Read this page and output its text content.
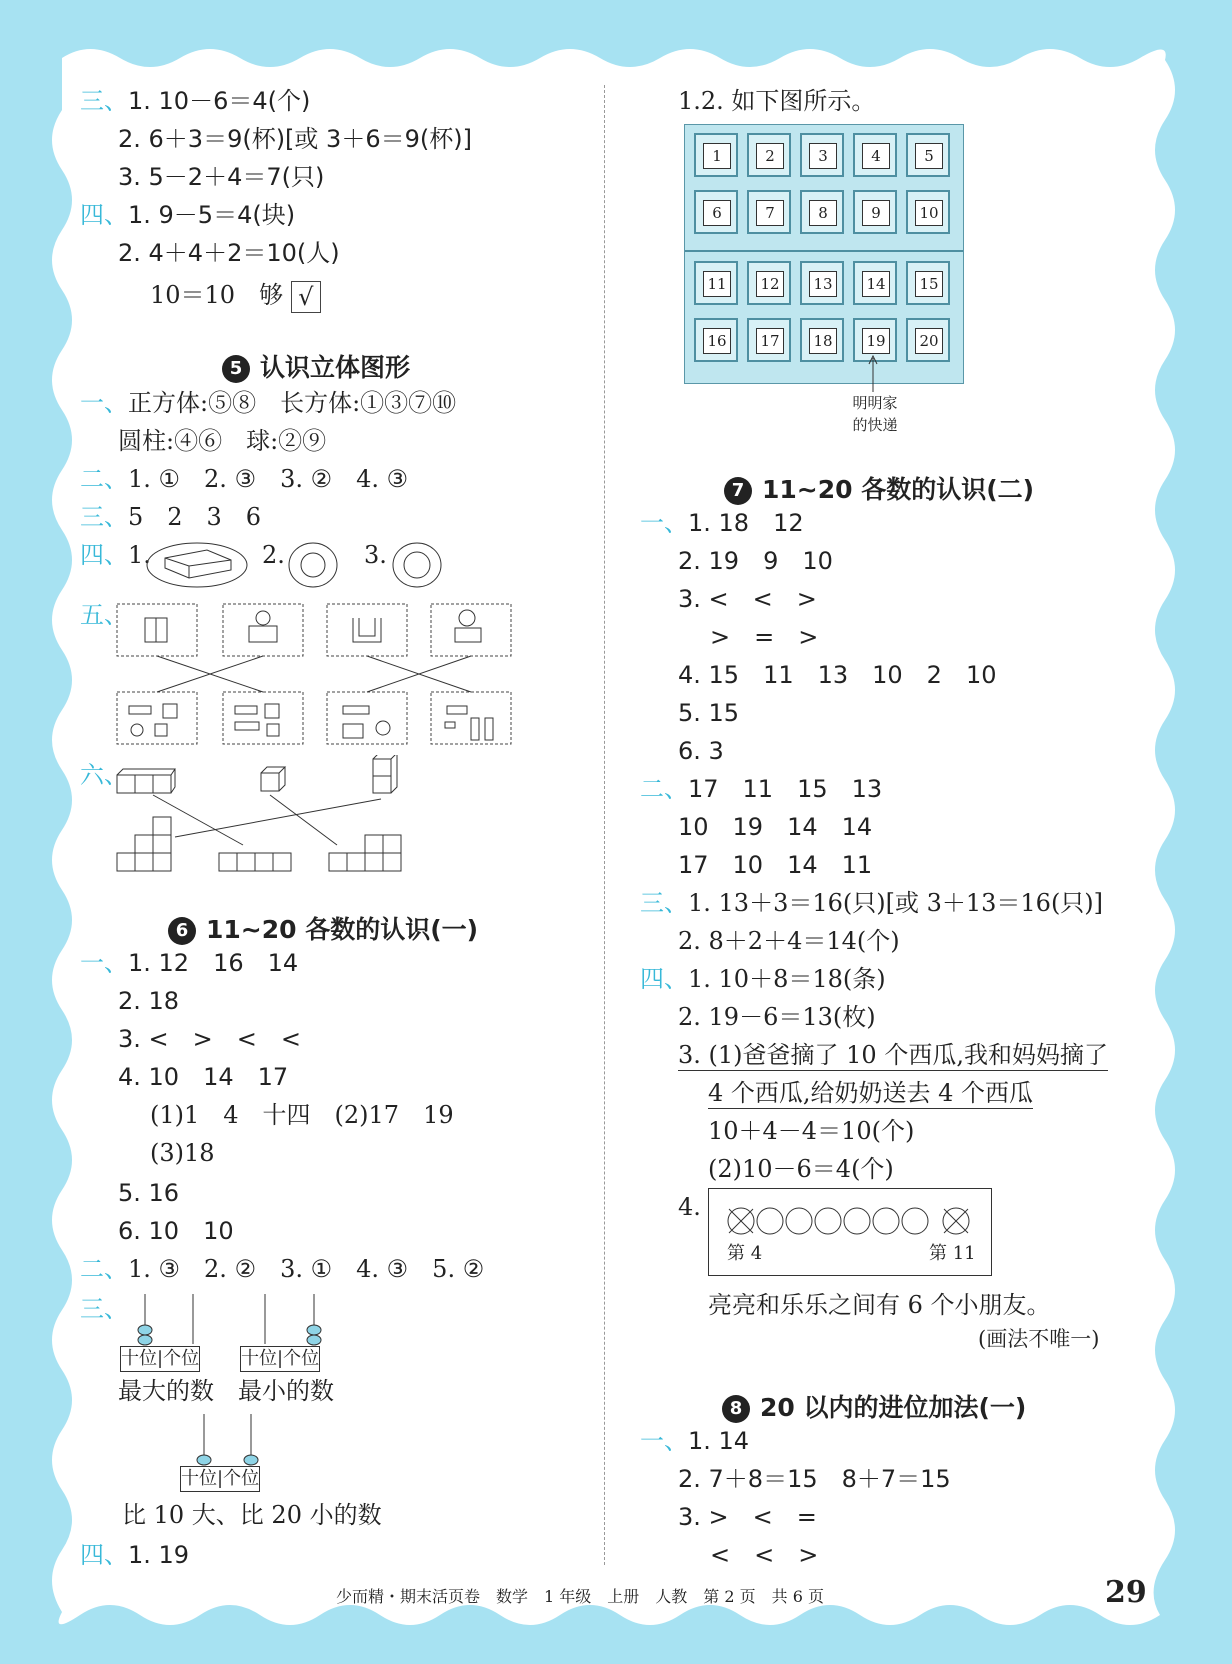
三、1. 10－6＝4(个)
2. 6＋3＝9(杯)[或 3＋6＝9(杯)]
3. 5－2＋4＝7(只)
四、1. 9－5＝4(块)
2. 4＋4＋2＝10(人)
10＝10　够 √
5 认识立体图形
一、正方体:⑤⑧　长方体:①③⑦⑩
圆柱:④⑥　球:②⑨
二、1. ①　2. ③　3. ②　4. ③
三、5　2　3　6
四、1.	2.	3.
五、
六、
6 11~20 各数的认识(一)
一、1. 12　16　14
2. 18
3. <　>　<　<
4. 10　14　17
(1)1　4　十四　(2)17　19
(3)18
5. 16
6. 10　10
二、1. ③　2. ②　3. ①　4. ③　5. ②
三、
十位|个位 十位|个位
最大的数 最小的数
十位|个位
比 10 大、比 20 小的数
四、1. 19
1.2. 如下图所示。
1	2	3	4	5
6	7	8	9	10
11 12 13 14 15
16 17 18 19 20
明明家
的快递
7 11~20 各数的认识(二)
一、1. 18　12
2. 19　9　10
3. <　<　>
>　=　>
4. 15　11　13　10　2　10
5. 15
6. 3
二、17　11　15　13
10　19　14　14
17　10　14　11
三、1. 13＋3＝16(只)[或 3＋13＝16(只)]
2. 8＋2＋4＝14(个)
四、1. 10＋8＝18(条)
2. 19－6＝13(枚)
3. (1)爸爸摘了 10 个西瓜,我和妈妈摘了
4 个西瓜,给奶奶送去 4 个西瓜
10＋4－4＝10(个)
(2)10－6＝4(个)
4.
第 4	第 11
亮亮和乐乐之间有 6 个小朋友。
(画法不唯一)
8 20 以内的进位加法(一)
一、1. 14
2. 7＋8＝15　8＋7＝15
3. >　<　=
<　<　>
少而精・期末活页卷　数学　1 年级　上册　人教　第 2 页　共 6 页	29
